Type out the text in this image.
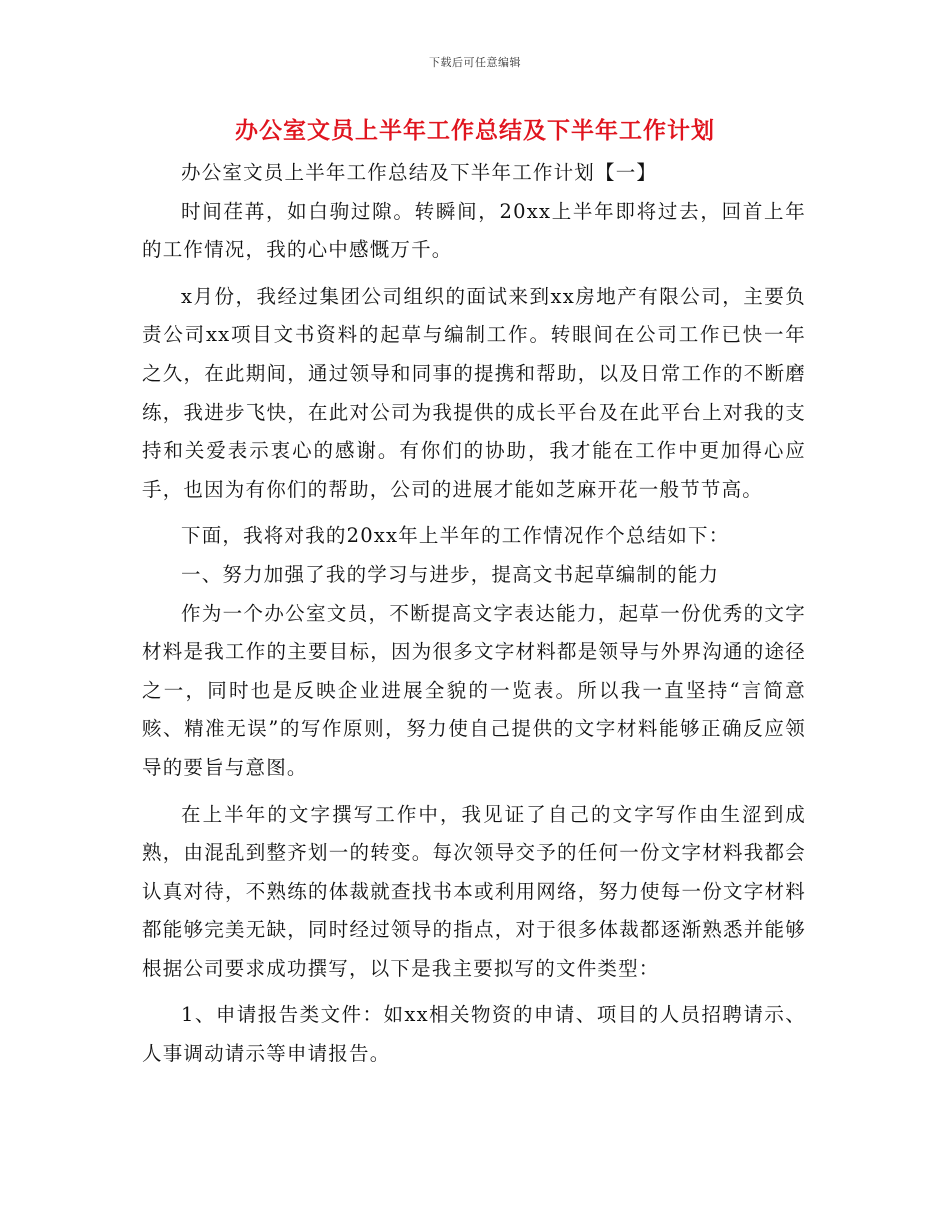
下载后可任意编辑
办公室文员上半年工作总结及下半年工作计划

办公室文员上半年工作总结及下半年工作计划【一】

时间荏苒，如白驹过隙。转瞬间，20xx上半年即将过去，回首上年的工作情况，我的心中感慨万千。

x月份，我经过集团公司组织的面试来到xx房地产有限公司，主要负责公司xx项目文书资料的起草与编制工作。转眼间在公司工作已快一年之久，在此期间，通过领导和同事的提携和帮助，以及日常工作的不断磨练，我进步飞快，在此对公司为我提供的成长平台及在此平台上对我的支持和关爱表示衷心的感谢。有你们的协助，我才能在工作中更加得心应手，也因为有你们的帮助，公司的进展才能如芝麻开花一般节节高。

下面，我将对我的20xx年上半年的工作情况作个总结如下：

一、努力加强了我的学习与进步，提高文书起草编制的能力

作为一个办公室文员，不断提高文字表达能力，起草一份优秀的文字材料是我工作的主要目标，因为很多文字材料都是领导与外界沟通的途径之一，同时也是反映企业进展全貌的一览表。所以我一直坚持“言简意赅、精准无误”的写作原则，努力使自己提供的文字材料能够正确反应领导的要旨与意图。

在上半年的文字撰写工作中，我见证了自己的文字写作由生涩到成熟，由混乱到整齐划一的转变。每次领导交予的任何一份文字材料我都会认真对待，不熟练的体裁就查找书本或利用网络，努力使每一份文字材料都能够完美无缺，同时经过领导的指点，对于很多体裁都逐渐熟悉并能够根据公司要求成功撰写，以下是我主要拟写的文件类型：

1、申请报告类文件：如xx相关物资的申请、项目的人员招聘请示、人事调动请示等申请报告。
